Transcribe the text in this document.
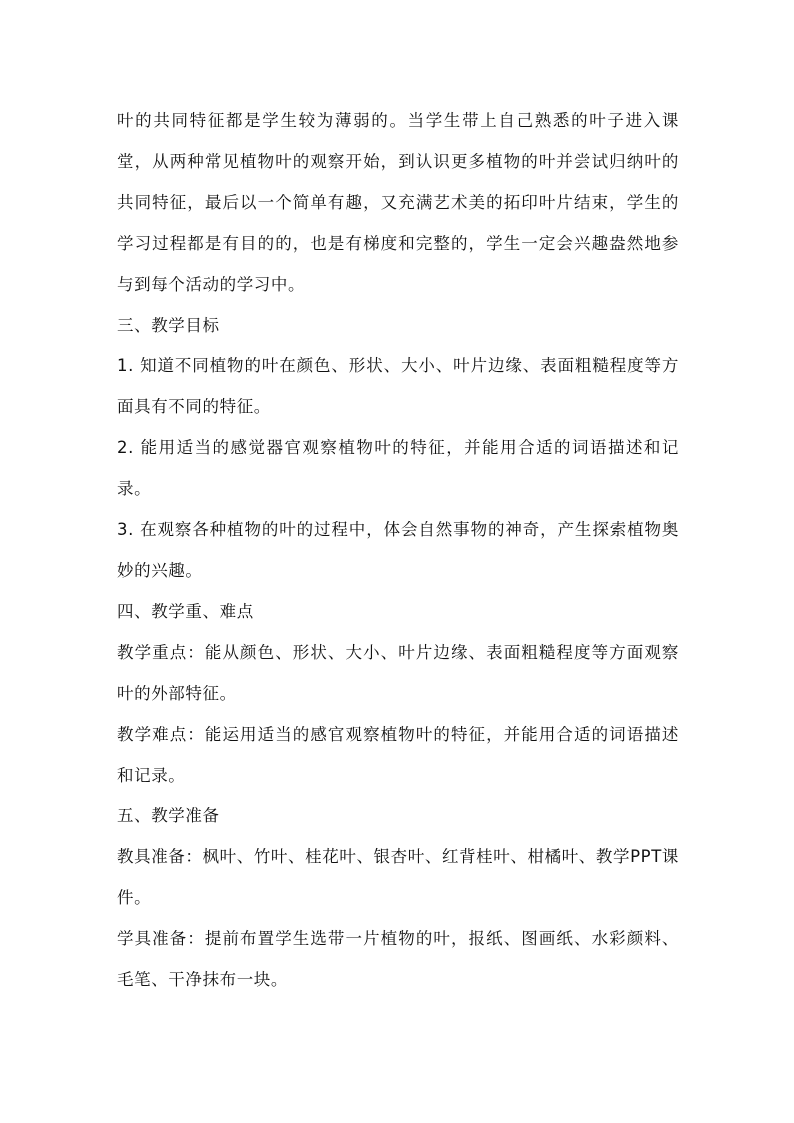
叶的共同特征都是学生较为薄弱的。当学生带上自己熟悉的叶子进入课堂，从两种常见植物叶的观察开始，到认识更多植物的叶并尝试归纳叶的共同特征，最后以一个简单有趣，又充满艺术美的拓印叶片结束，学生的学习过程都是有目的的，也是有梯度和完整的，学生一定会兴趣盎然地参与到每个活动的学习中。

三、教学目标

1. 知道不同植物的叶在颜色、形状、大小、叶片边缘、表面粗糙程度等方面具有不同的特征。

2. 能用适当的感觉器官观察植物叶的特征，并能用合适的词语描述和记录。

3. 在观察各种植物的叶的过程中，体会自然事物的神奇，产生探索植物奥妙的兴趣。

四、教学重、难点

教学重点：能从颜色、形状、大小、叶片边缘、表面粗糙程度等方面观察叶的外部特征。

教学难点：能运用适当的感官观察植物叶的特征，并能用合适的词语描述和记录。

五、教学准备

教具准备：枫叶、竹叶、桂花叶、银杏叶、红背桂叶、柑橘叶、教学PPT课件。

学具准备：提前布置学生选带一片植物的叶，报纸、图画纸、水彩颜料、毛笔、干净抹布一块。
